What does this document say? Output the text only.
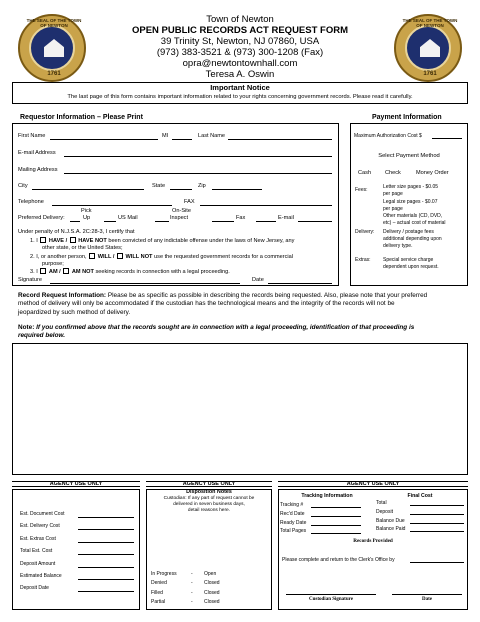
THE SEAL OF THE TOWN OF NEWTON
1761
THE SEAL OF THE TOWN OF NEWTON
1761
Town of Newton
OPEN PUBLIC RECORDS ACT REQUEST FORM
39 Trinity St, Newton, NJ 07860, USA
(973) 383-3521 & (973) 300-1208 (Fax)
opra@newtontownhall.com
Teresa A. Oswin
Important Notice
The last page of this form contains important information related to your rights concerning government records. Please read it carefully.
Requestor Information – Please Print	Payment Information
First Name	MI	Last Name
E-mail Address
Mailing Address
City	State	Zip
Telephone	FAX
Pick	On-Site
Preferred Delivery:	Up	US Mail	Inspect	Fax	E-mail
Under penalty of N.J.S.A. 2C:28-3, I certify that
1. I HAVE / HAVE NOT been convicted of any indictable offense under the laws of New Jersey, any
other state, or the United States;
2. I, or another person, WILL / WILL NOT use the requested government records for a commercial
purpose;
3. I AM / AM NOT seeking records in connection with a legal proceeding.
Signature	Date
Maximum Authorization Cost $
Select Payment Method
Cash Check	Money Order
Fees:	Letter size pages - $0.05
per page
Legal size pages - $0.07
per page
Other materials (CD, DVD,
etc) – actual cost of material
Delivery: Delivery / postage fees
additional depending upon
delivery type.
Extras: Special service charge
dependent upon request.
Record Request Information: Please be as specific as possible in describing the records being requested. Also, please note that your preferred
method of delivery will only be accommodated if the custodian has the technological means and the integrity of the records will not be
jeopardized by such method of delivery.
Note: If you confirmed above that the records sought are in connection with a legal proceeding, identification of that proceeding is
required below.
AGENCY USE ONLY	AGENCY USE ONLY	AGENCY USE ONLY
Est. Document Cost
Est. Delivery Cost
Est. Extras Cost
Total Est. Cost
Deposit Amount
Estimated Balance
Deposit Date
Disposition Notes
Custodian: If any part of request cannot be
delivered in seven business days,
detail reasons here.
In Progress	- Open
Denied	- Closed
Filled	- Closed
Partial	- Closed
Tracking Information	Final Cost
Tracking #
Rec'd Date
Ready Date
Total Pages
Total
Deposit
Balance Due
Balance Paid
Records Provided
Please complete and return to the Clerk's Office by
Custodian Signature	Date
